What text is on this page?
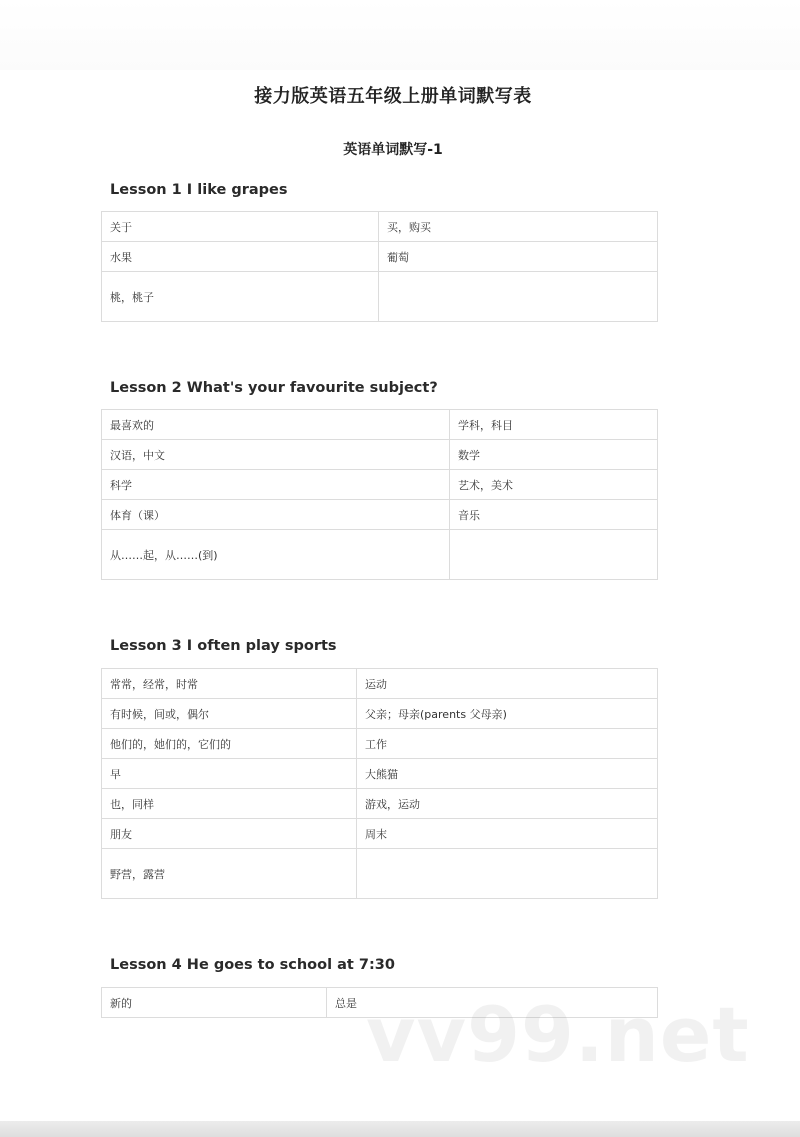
接力版英语五年级上册单词默写表
英语单词默写-1
Lesson 1 I like grapes
关于	买，购买
水果	葡萄
桃，桃子	
Lesson 2 What's your favourite subject?
最喜欢的	学科，科目
汉语，中文	数学
科学	艺术，美术
体育（课）	音乐
从……起，从……(到)	
Lesson 3 I often play sports
常常，经常，时常	运动
有时候，间或，偶尔	父亲；母亲(parents 父母亲)
他们的，她们的，它们的	工作
早	大熊猫
也，同样	游戏，运动
朋友	周末
野营，露营	
Lesson 4 He goes to school at 7:30
新的	总是 vv99.net
